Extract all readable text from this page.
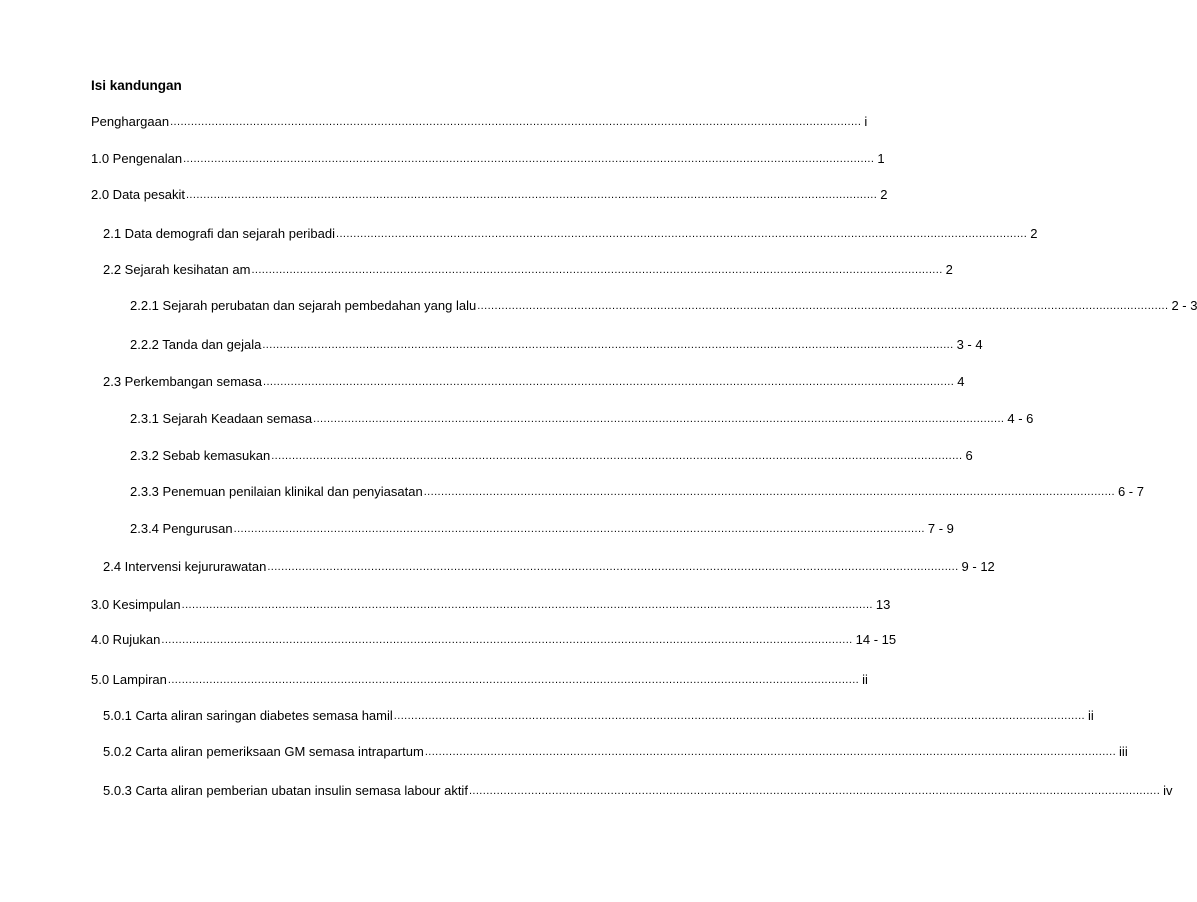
Isi kandungan
Penghargaan ........................................................................................................................................................................................................ i
1.0 Pengenalan ........................................................................................................................................................................................................ 1
2.0 Data pesakit ........................................................................................................................................................................................................ 2
2.1 Data demografi dan sejarah peribadi ........................................................................................................................................................................................................ 2
2.2 Sejarah kesihatan am ........................................................................................................................................................................................................ 2
2.2.1 Sejarah perubatan dan sejarah pembedahan yang lalu ........................................................................................................................................................................................................ 2 - 3
2.2.2 Tanda dan gejala ........................................................................................................................................................................................................ 3 - 4
2.3 Perkembangan semasa ........................................................................................................................................................................................................ 4
2.3.1 Sejarah Keadaan semasa ........................................................................................................................................................................................................ 4 - 6
2.3.2 Sebab kemasukan ........................................................................................................................................................................................................ 6
2.3.3 Penemuan penilaian klinikal dan penyiasatan ........................................................................................................................................................................................................ 6 - 7
2.3.4 Pengurusan ........................................................................................................................................................................................................ 7 - 9
2.4 Intervensi kejururawatan ........................................................................................................................................................................................................ 9 - 12
3.0 Kesimpulan ........................................................................................................................................................................................................ 13
4.0 Rujukan ........................................................................................................................................................................................................ 14 - 15
5.0 Lampiran ........................................................................................................................................................................................................ ii
5.0.1 Carta aliran saringan diabetes semasa hamil ........................................................................................................................................................................................................ ii
5.0.2 Carta aliran pemeriksaan GM semasa intrapartum ........................................................................................................................................................................................................ iii
5.0.3 Carta aliran pemberian ubatan insulin semasa labour aktif ........................................................................................................................................................................................................ iv
